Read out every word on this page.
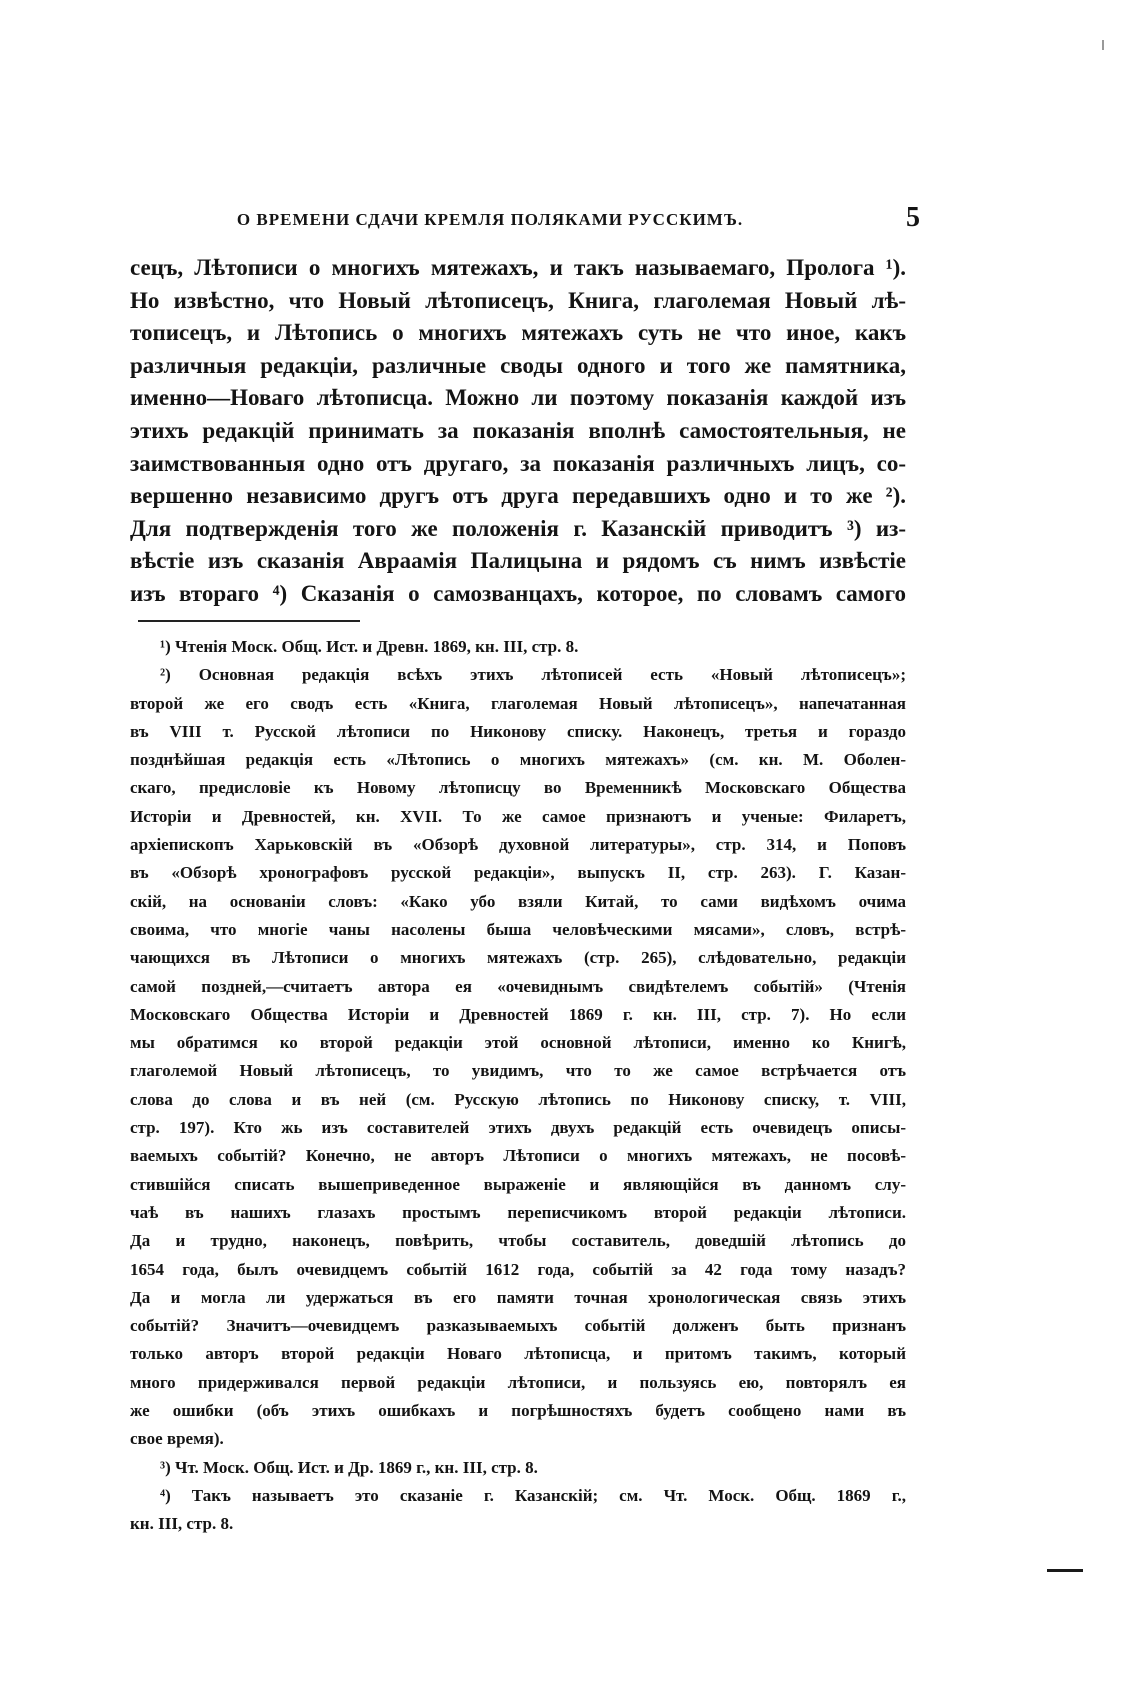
О ВРЕМЕНИ СДАЧИ КРЕМЛЯ ПОЛЯКАМИ РУССКИМЪ.	5
сецъ, Лѣтописи о многихъ мятежахъ, и такъ называемаго, Пролога ¹).
Но извѣстно, что Новый лѣтописецъ, Книга, глаголемая Новый лѣ-
тописецъ, и Лѣтопись о многихъ мятежахъ суть не что иное, какъ
различныя редакціи, различные своды одного и того же памятника,
именно—Новаго лѣтописца. Можно ли поэтому показанія каждой изъ
этихъ редакцій принимать за показанія вполнѣ самостоятельныя, не
заимствованныя одно отъ другаго, за показанія различныхъ лицъ, со-
вершенно независимо другъ отъ друга передавшихъ одно и то же ²).
Для подтвержденія того же положенія г. Казанскій приводитъ ³) из-
вѣстіе изъ сказанія Авраамія Палицына и рядомъ съ нимъ извѣстіе
изъ втораго ⁴) Сказанія о самозванцахъ, которое, по словамъ самого
¹) Чтенія Моск. Общ. Ист. и Древн. 1869, кн. III, стр. 8.
²) Основная редакція всѣхъ этихъ лѣтописей есть «Новый лѣтописецъ»;
второй же его сводъ есть «Книга, глаголемая Новый лѣтописецъ», напечатанная
въ VIII т. Русской лѣтописи по Никонову списку. Наконецъ, третья и гораздо
позднѣйшая редакція есть «Лѣтопись о многихъ мятежахъ» (см. кн. М. Оболен-
скаго, предисловіе къ Новому лѣтописцу во Временникѣ Московскаго Общества
Исторіи и Древностей, кн. XVII. То же самое признаютъ и ученые: Филаретъ,
архіепископъ Харьковскій въ «Обзорѣ духовной литературы», стр. 314, и Поповъ
въ «Обзорѣ хронографовъ русской редакціи», выпускъ II, стр. 263). Г. Казан-
скій, на основаніи словъ: «Како убо взяли Китай, то сами видѣхомъ очима
своима, что многіе чаны насолены быша человѣческими мясами», словъ, встрѣ-
чающихся въ Лѣтописи о многихъ мятежахъ (стр. 265), слѣдовательно, редакціи
самой поздней,—считаетъ автора ея «очевиднымъ свидѣтелемъ событій» (Чтенія
Московскаго Общества Исторіи и Древностей 1869 г. кн. III, стр. 7). Но если
мы обратимся ко второй редакціи этой основной лѣтописи, именно ко Книгѣ,
глаголемой Новый лѣтописецъ, то увидимъ, что то же самое встрѣчается отъ
слова до слова и въ ней (см. Русскую лѣтопись по Никонову списку, т. VIII,
стр. 197). Кто жь изъ составителей этихъ двухъ редакцій есть очевидецъ описы-
ваемыхъ событій? Конечно, не авторъ Лѣтописи о многихъ мятежахъ, не посовѣ-
стившійся списать вышеприведенное выраженіе и являющійся въ данномъ слу-
чаѣ въ нашихъ глазахъ простымъ переписчикомъ второй редакціи лѣтописи.
Да и трудно, наконецъ, повѣрить, чтобы составитель, доведшій лѣтопись до
1654 года, былъ очевидцемъ событій 1612 года, событій за 42 года тому назадъ?
Да и могла ли удержаться въ его памяти точная хронологическая связь этихъ
событій? Значитъ—очевидцемъ разказываемыхъ событій долженъ быть признанъ
только авторъ второй редакціи Новаго лѣтописца, и притомъ такимъ, который
много придерживался первой редакціи лѣтописи, и пользуясь ею, повторялъ ея
же ошибки (объ этихъ ошибкахъ и погрѣшностяхъ будетъ сообщено нами въ
свое время).
³) Чт. Моск. Общ. Ист. и Др. 1869 г., кн. III, стр. 8.
⁴) Такъ называетъ это сказаніе г. Казанскій; см. Чт. Моск. Общ. 1869 г.,
кн. III, стр. 8.
